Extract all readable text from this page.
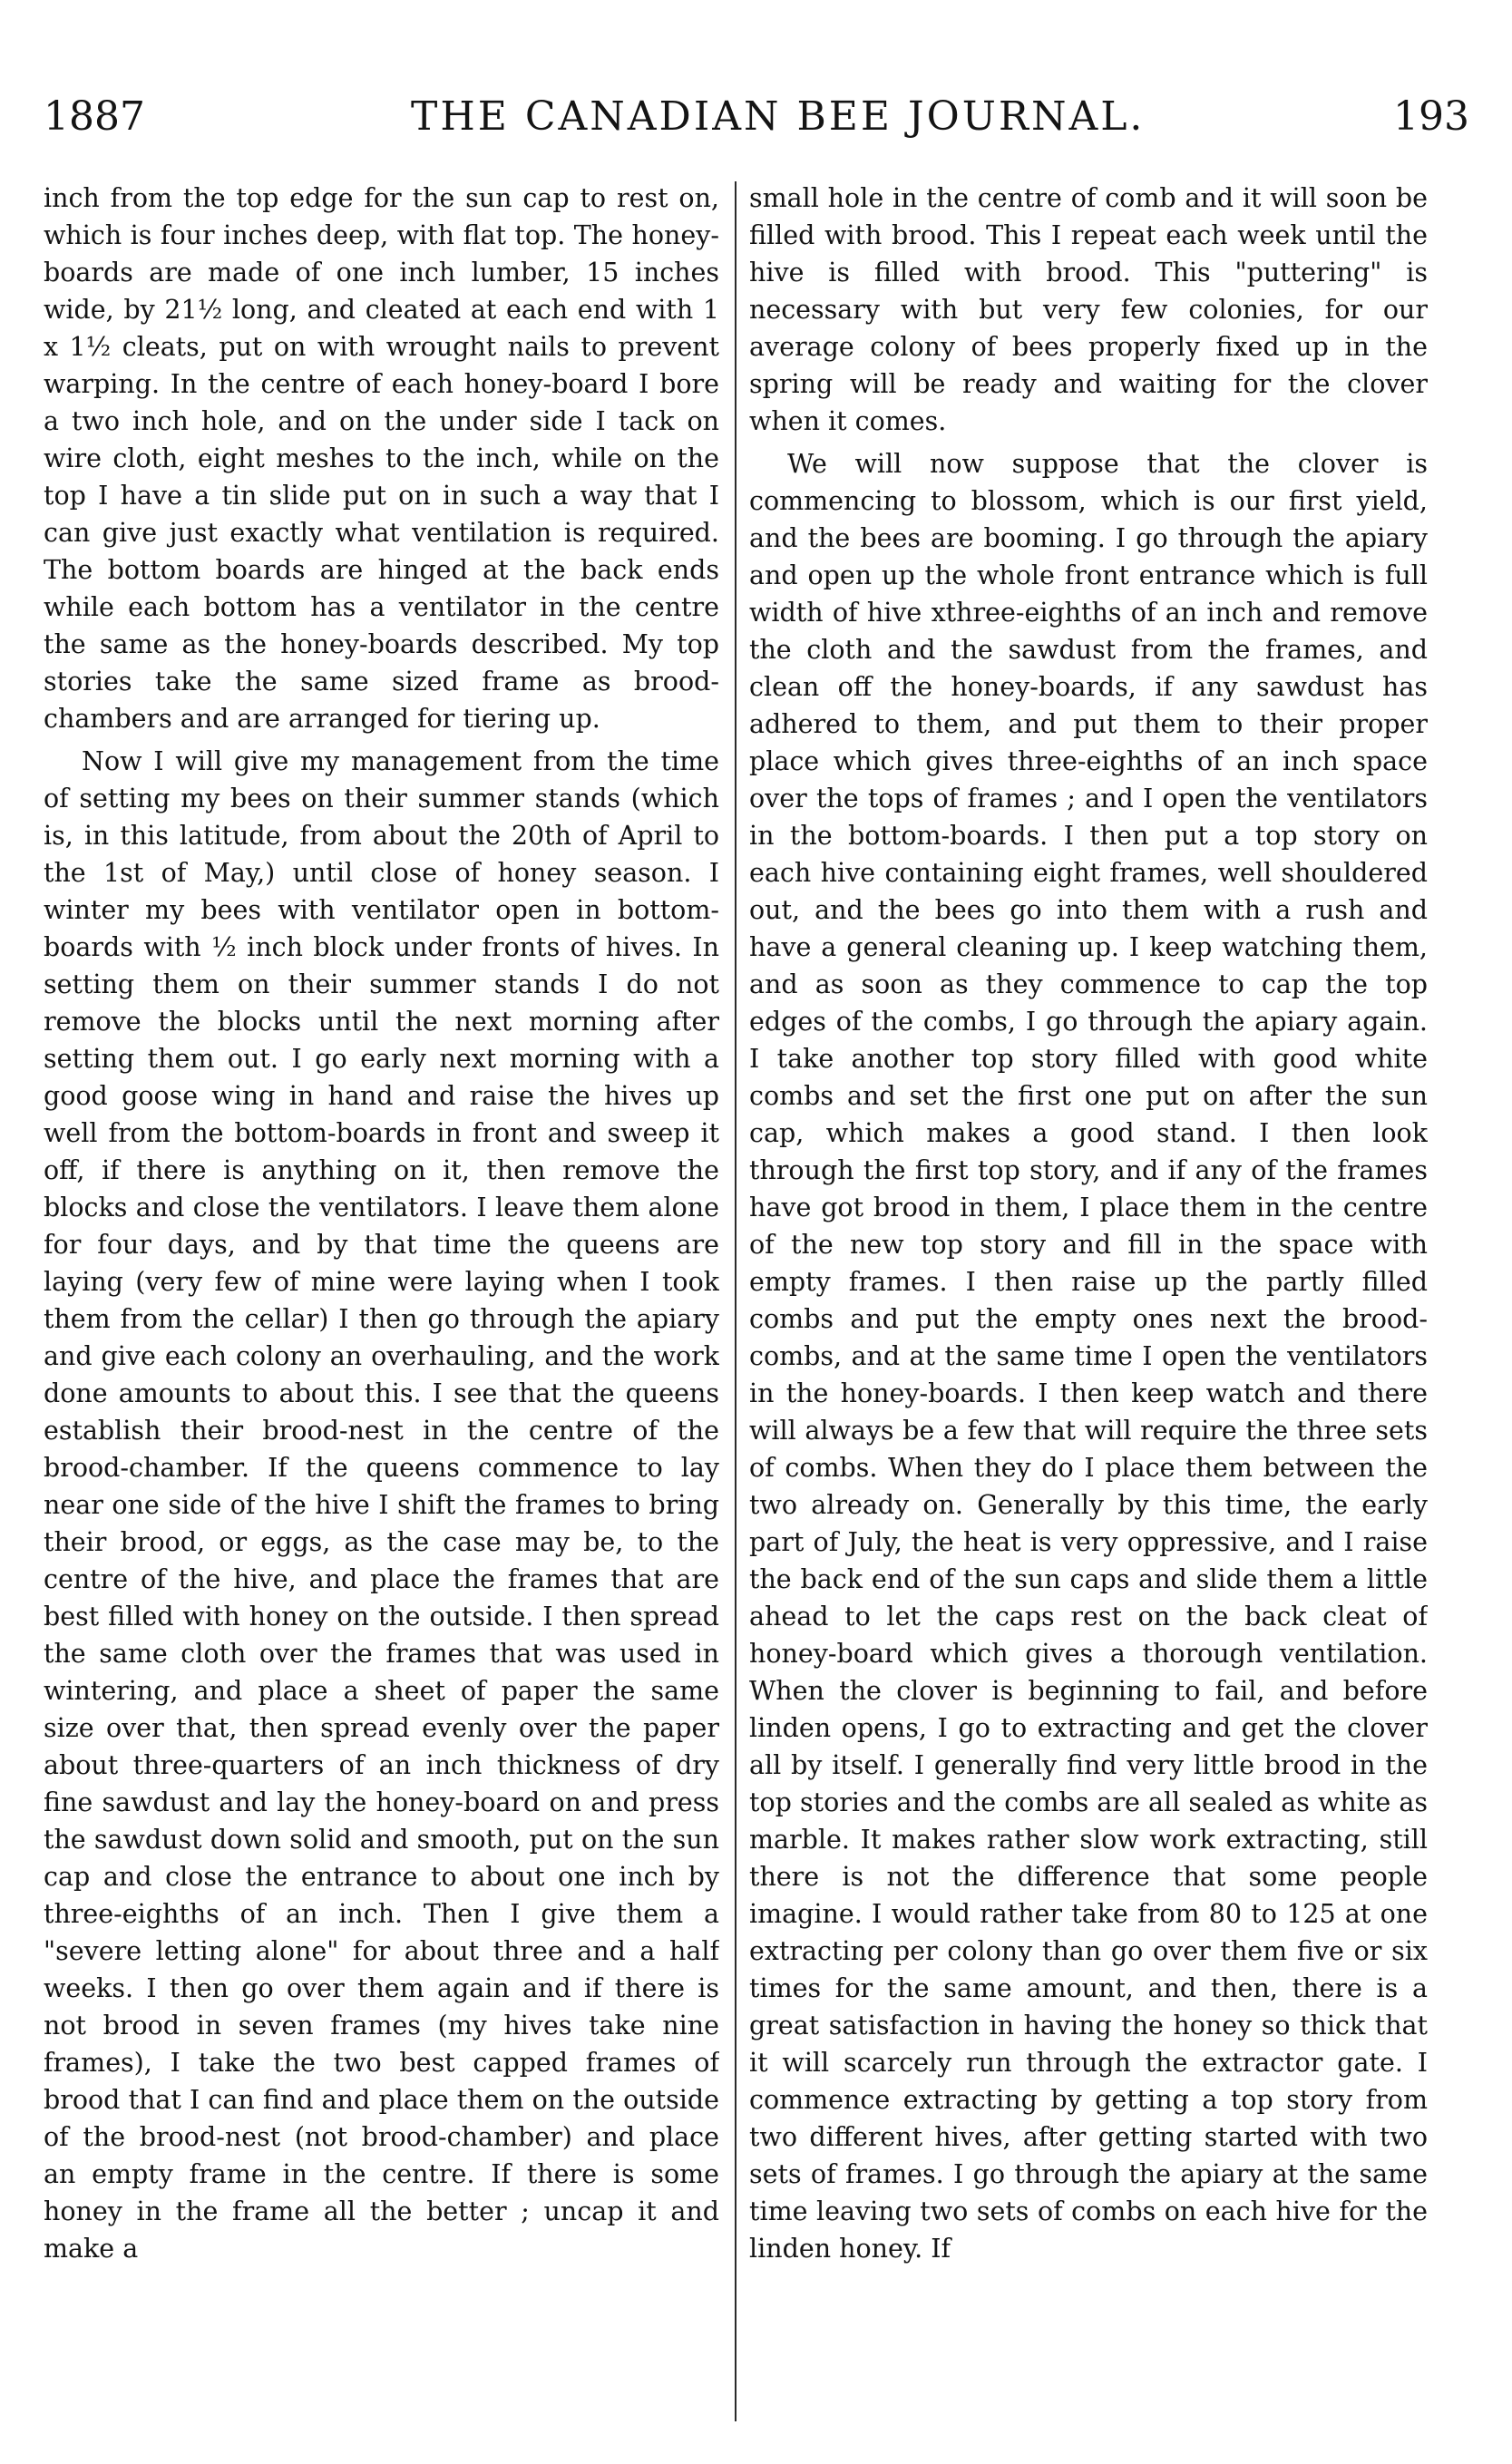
1887	THE CANADIAN BEE JOURNAL.	193

inch from the top edge for the sun cap to rest on, which is four inches deep, with flat top. The honey-boards are made of one inch lumber, 15 inches wide, by 21½ long, and cleated at each end with 1 x 1½ cleats, put on with wrought nails to prevent warping. In the centre of each honey-board I bore a two inch hole, and on the under side I tack on wire cloth, eight meshes to the inch, while on the top I have a tin slide put on in such a way that I can give just exactly what ventilation is required. The bottom boards are hinged at the back ends while each bottom has a ventilator in the centre the same as the honey-boards described. My top stories take the same sized frame as brood-chambers and are arranged for tiering up.

Now I will give my management from the time of setting my bees on their summer stands (which is, in this latitude, from about the 20th of April to the 1st of May,) until close of honey season. I winter my bees with ventilator open in bottom-boards with ½ inch block under fronts of hives. In setting them on their summer stands I do not remove the blocks until the next morning after setting them out. I go early next morning with a good goose wing in hand and raise the hives up well from the bottom-boards in front and sweep it off, if there is anything on it, then remove the blocks and close the ventilators. I leave them alone for four days, and by that time the queens are laying (very few of mine were laying when I took them from the cellar) I then go through the apiary and give each colony an overhauling, and the work done amounts to about this. I see that the queens establish their brood-nest in the centre of the brood-chamber. If the queens commence to lay near one side of the hive I shift the frames to bring their brood, or eggs, as the case may be, to the centre of the hive, and place the frames that are best filled with honey on the outside. I then spread the same cloth over the frames that was used in wintering, and place a sheet of paper the same size over that, then spread evenly over the paper about three-quarters of an inch thickness of dry fine sawdust and lay the honey-board on and press the sawdust down solid and smooth, put on the sun cap and close the entrance to about one inch by three-eighths of an inch. Then I give them a "severe letting alone" for about three and a half weeks. I then go over them again and if there is not brood in seven frames (my hives take nine frames), I take the two best capped frames of brood that I can find and place them on the outside of the brood-nest (not brood-chamber) and place an empty frame in the centre. If there is some honey in the frame all the better ; uncap it and make a

small hole in the centre of comb and it will soon be filled with brood. This I repeat each week until the hive is filled with brood. This "puttering" is necessary with but very few colonies, for our average colony of bees properly fixed up in the spring will be ready and waiting for the clover when it comes.

We will now suppose that the clover is commencing to blossom, which is our first yield, and the bees are booming. I go through the apiary and open up the whole front entrance which is full width of hive xthree-eighths of an inch and remove the cloth and the sawdust from the frames, and clean off the honey-boards, if any sawdust has adhered to them, and put them to their proper place which gives three-eighths of an inch space over the tops of frames ; and I open the ventilators in the bottom-boards. I then put a top story on each hive containing eight frames, well shouldered out, and the bees go into them with a rush and have a general cleaning up. I keep watching them, and as soon as they commence to cap the top edges of the combs, I go through the apiary again. I take another top story filled with good white combs and set the first one put on after the sun cap, which makes a good stand. I then look through the first top story, and if any of the frames have got brood in them, I place them in the centre of the new top story and fill in the space with empty frames. I then raise up the partly filled combs and put the empty ones next the brood-combs, and at the same time I open the ventilators in the honey-boards. I then keep watch and there will always be a few that will require the three sets of combs. When they do I place them between the two already on. Generally by this time, the early part of July, the heat is very oppressive, and I raise the back end of the sun caps and slide them a little ahead to let the caps rest on the back cleat of honey-board which gives a thorough ventilation. When the clover is beginning to fail, and before linden opens, I go to extracting and get the clover all by itself. I generally find very little brood in the top stories and the combs are all sealed as white as marble. It makes rather slow work extracting, still there is not the difference that some people imagine. I would rather take from 80 to 125 at one extracting per colony than go over them five or six times for the same amount, and then, there is a great satisfaction in having the honey so thick that it will scarcely run through the extractor gate. I commence extracting by getting a top story from two different hives, after getting started with two sets of frames. I go through the apiary at the same time leaving two sets of combs on each hive for the linden honey. If
